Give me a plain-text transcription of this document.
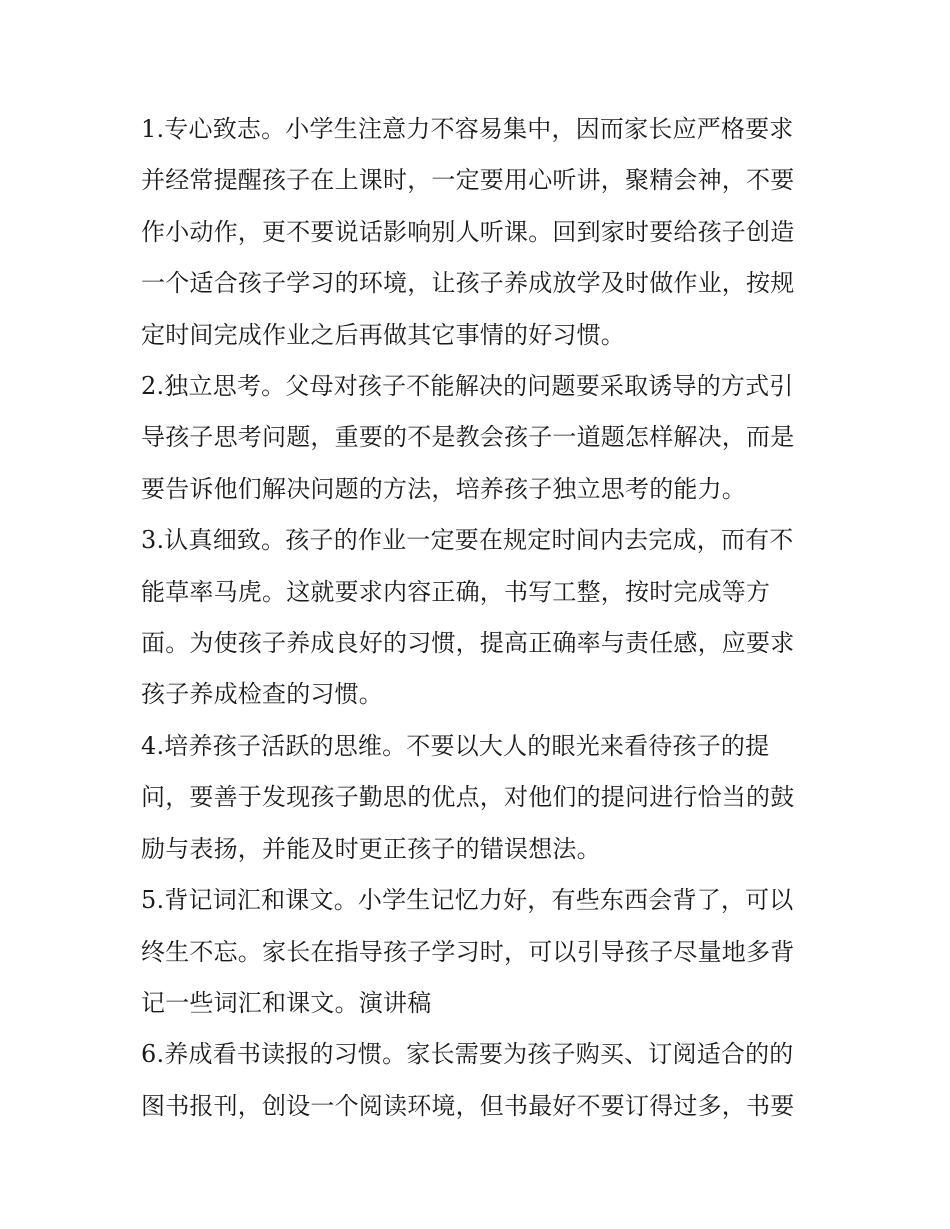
1.专心致志。小学生注意力不容易集中，因而家长应严格要求
并经常提醒孩子在上课时，一定要用心听讲，聚精会神，不要
作小动作，更不要说话影响别人听课。回到家时要给孩子创造
一个适合孩子学习的环境，让孩子养成放学及时做作业，按规
定时间完成作业之后再做其它事情的好习惯。
2.独立思考。父母对孩子不能解决的问题要采取诱导的方式引
导孩子思考问题，重要的不是教会孩子一道题怎样解决，而是
要告诉他们解决问题的方法，培养孩子独立思考的能力。
3.认真细致。孩子的作业一定要在规定时间内去完成，而有不
能草率马虎。这就要求内容正确，书写工整，按时完成等方
面。为使孩子养成良好的习惯，提高正确率与责任感，应要求
孩子养成检查的习惯。
4.培养孩子活跃的思维。不要以大人的眼光来看待孩子的提
问，要善于发现孩子勤思的优点，对他们的提问进行恰当的鼓
励与表扬，并能及时更正孩子的错误想法。
5.背记词汇和课文。小学生记忆力好，有些东西会背了，可以
终生不忘。家长在指导孩子学习时，可以引导孩子尽量地多背
记一些词汇和课文。演讲稿
6.养成看书读报的习惯。家长需要为孩子购买、订阅适合的的
图书报刊，创设一个阅读环境，但书最好不要订得过多，书要
